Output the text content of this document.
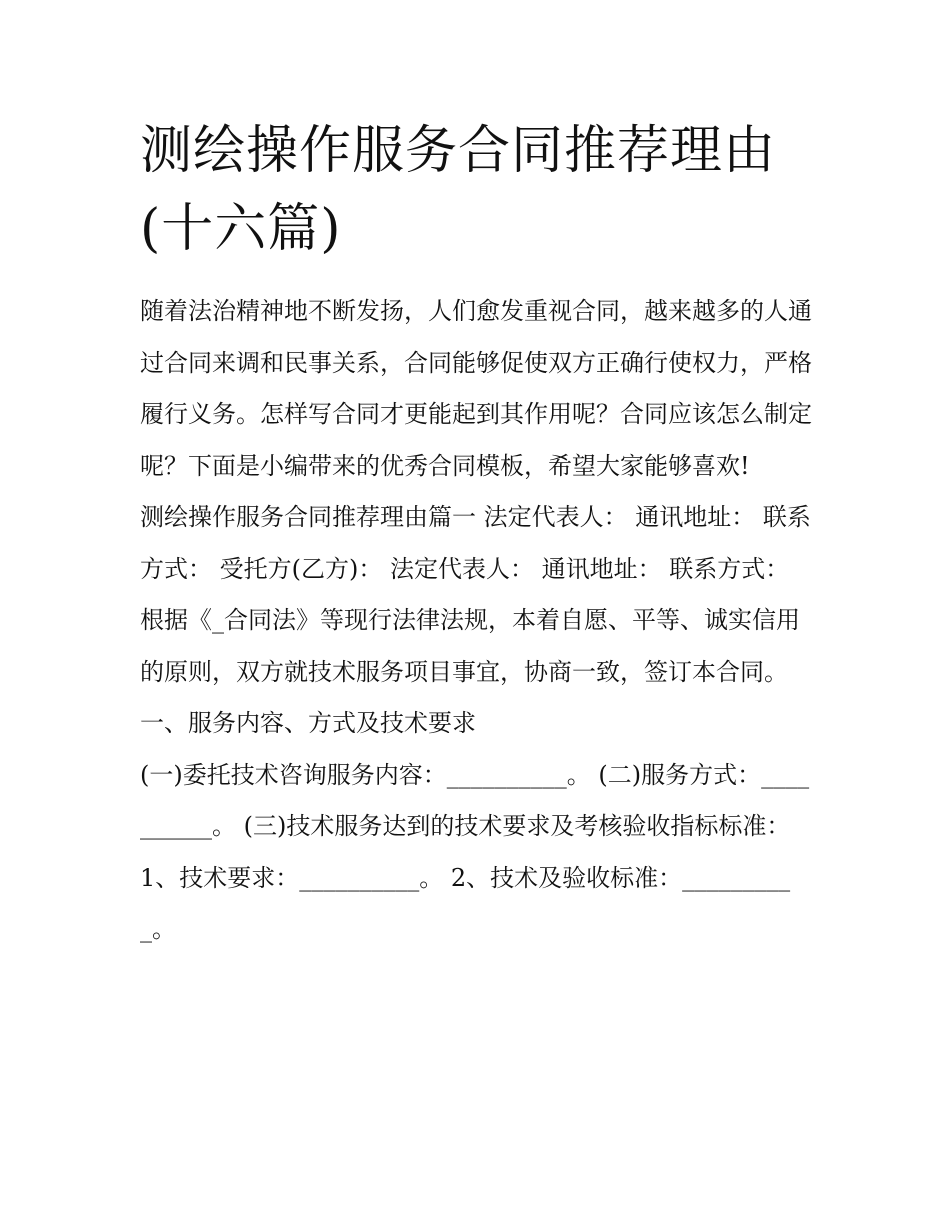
测绘操作服务合同推荐理由(十六篇)

随着法治精神地不断发扬，人们愈发重视合同，越来越多的人通过合同来调和民事关系，合同能够促使双方正确行使权力，严格履行义务。怎样写合同才更能起到其作用呢？合同应该怎么制定呢？下面是小编带来的优秀合同模板，希望大家能够喜欢!

测绘操作服务合同推荐理由篇一 法定代表人： 通讯地址： 联系方式： 受托方(乙方)： 法定代表人： 通讯地址： 联系方式：

根据《_合同法》等现行法律法规，本着自愿、平等、诚实信用的原则，双方就技术服务项目事宜，协商一致，签订本合同。 一、服务内容、方式及技术要求

(一)委托技术咨询服务内容：__________。 (二)服务方式：__________。 (三)技术服务达到的技术要求及考核验收指标标准：

1、技术要求：__________。 2、技术及验收标准：__________。
